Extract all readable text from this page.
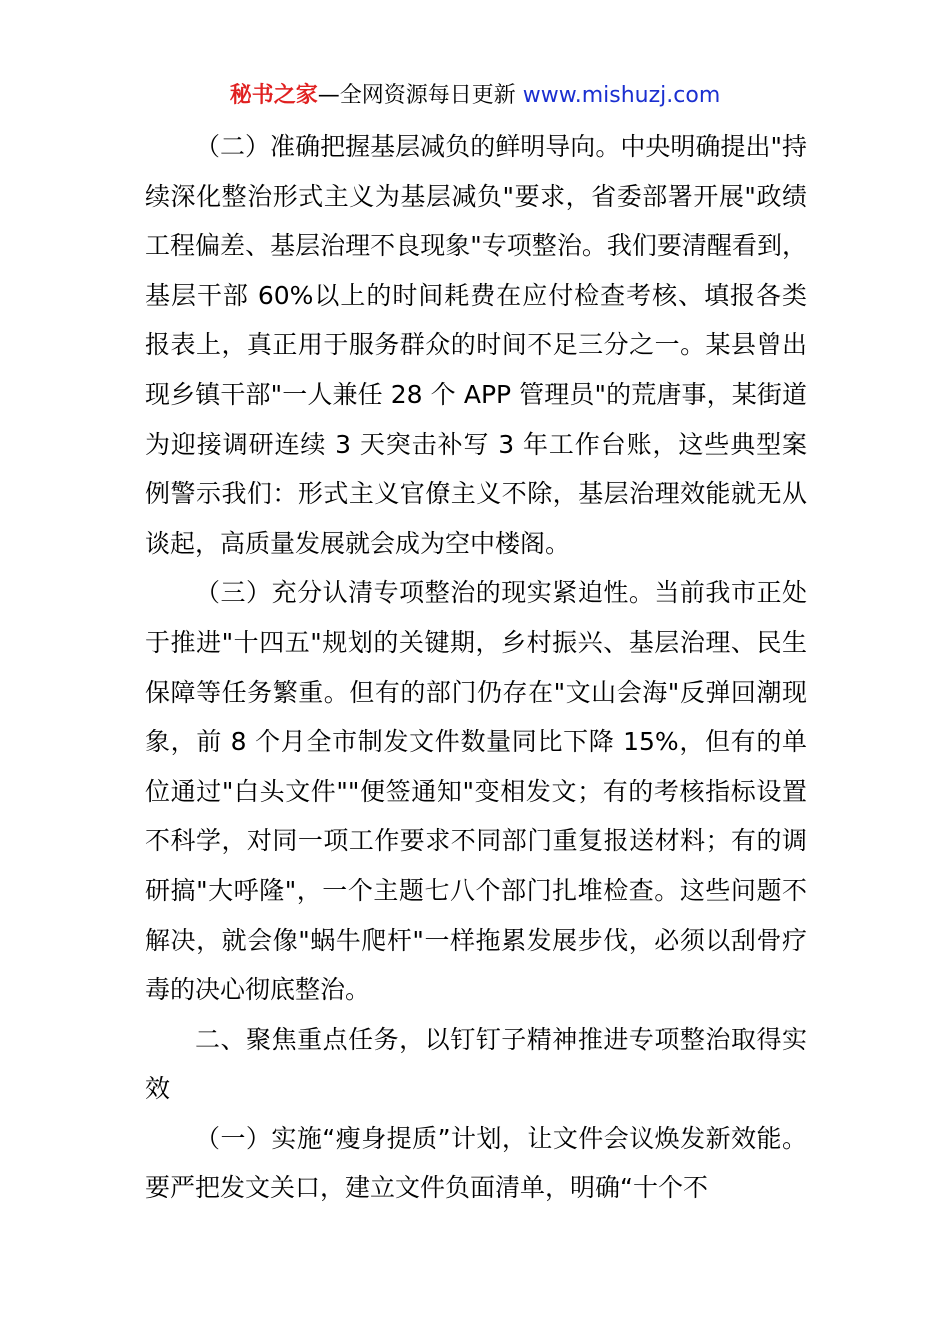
秘书之家—全网资源每日更新 www.mishuzj.com

（二）准确把握基层减负的鲜明导向。中央明确提出"持续深化整治形式主义为基层减负"要求，省委部署开展"政绩工程偏差、基层治理不良现象"专项整治。我们要清醒看到，基层干部 60%以上的时间耗费在应付检查考核、填报各类报表上，真正用于服务群众的时间不足三分之一。某县曾出现乡镇干部"一人兼任 28 个 APP 管理员"的荒唐事，某街道为迎接调研连续 3 天突击补写 3 年工作台账，这些典型案例警示我们：形式主义官僚主义不除，基层治理效能就无从谈起，高质量发展就会成为空中楼阁。

（三）充分认清专项整治的现实紧迫性。当前我市正处于推进"十四五"规划的关键期，乡村振兴、基层治理、民生保障等任务繁重。但有的部门仍存在"文山会海"反弹回潮现象，前 8 个月全市制发文件数量同比下降 15%，但有的单位通过"白头文件""便签通知"变相发文；有的考核指标设置不科学，对同一项工作要求不同部门重复报送材料；有的调研搞"大呼隆"，一个主题七八个部门扎堆检查。这些问题不解决，就会像"蜗牛爬杆"一样拖累发展步伐，必须以刮骨疗毒的决心彻底整治。

二、聚焦重点任务，以钉钉子精神推进专项整治取得实效

（一）实施“瘦身提质”计划，让文件会议焕发新效能。要严把发文关口，建立文件负面清单，明确“十个不
